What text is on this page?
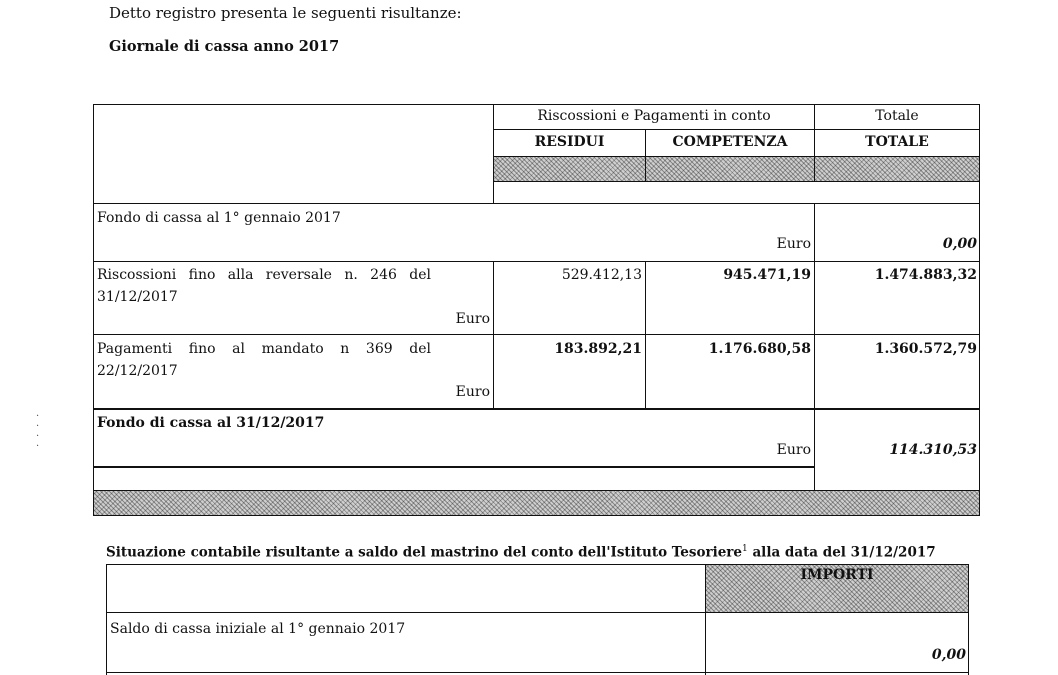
Detto registro presenta le seguenti risultanze:
Giornale di cassa anno 2017
Riscossioni e Pagamenti in conto	Totale
RESIDUI	COMPETENZA	TOTALE
Fondo di cassa al 1° gennaio 2017
Euro	0,00
Riscossioni fino alla reversale n. 246 del
31/12/2017
Euro
529.412,13	945.471,19	1.474.883,32
Pagamenti fino al mandato n 369 del
22/12/2017
Euro
183.892,21	1.176.680,58	1.360.572,79
Fondo di cassa al 31/12/2017
Euro	114.310,53
·
·
·
·
Situazione contabile risultante a saldo del mastrino del conto dell'Istituto Tesoriere$^1$ alla data del 31/12/2017
IMPORTI
Saldo di cassa iniziale al 1° gennaio 2017
0,00
